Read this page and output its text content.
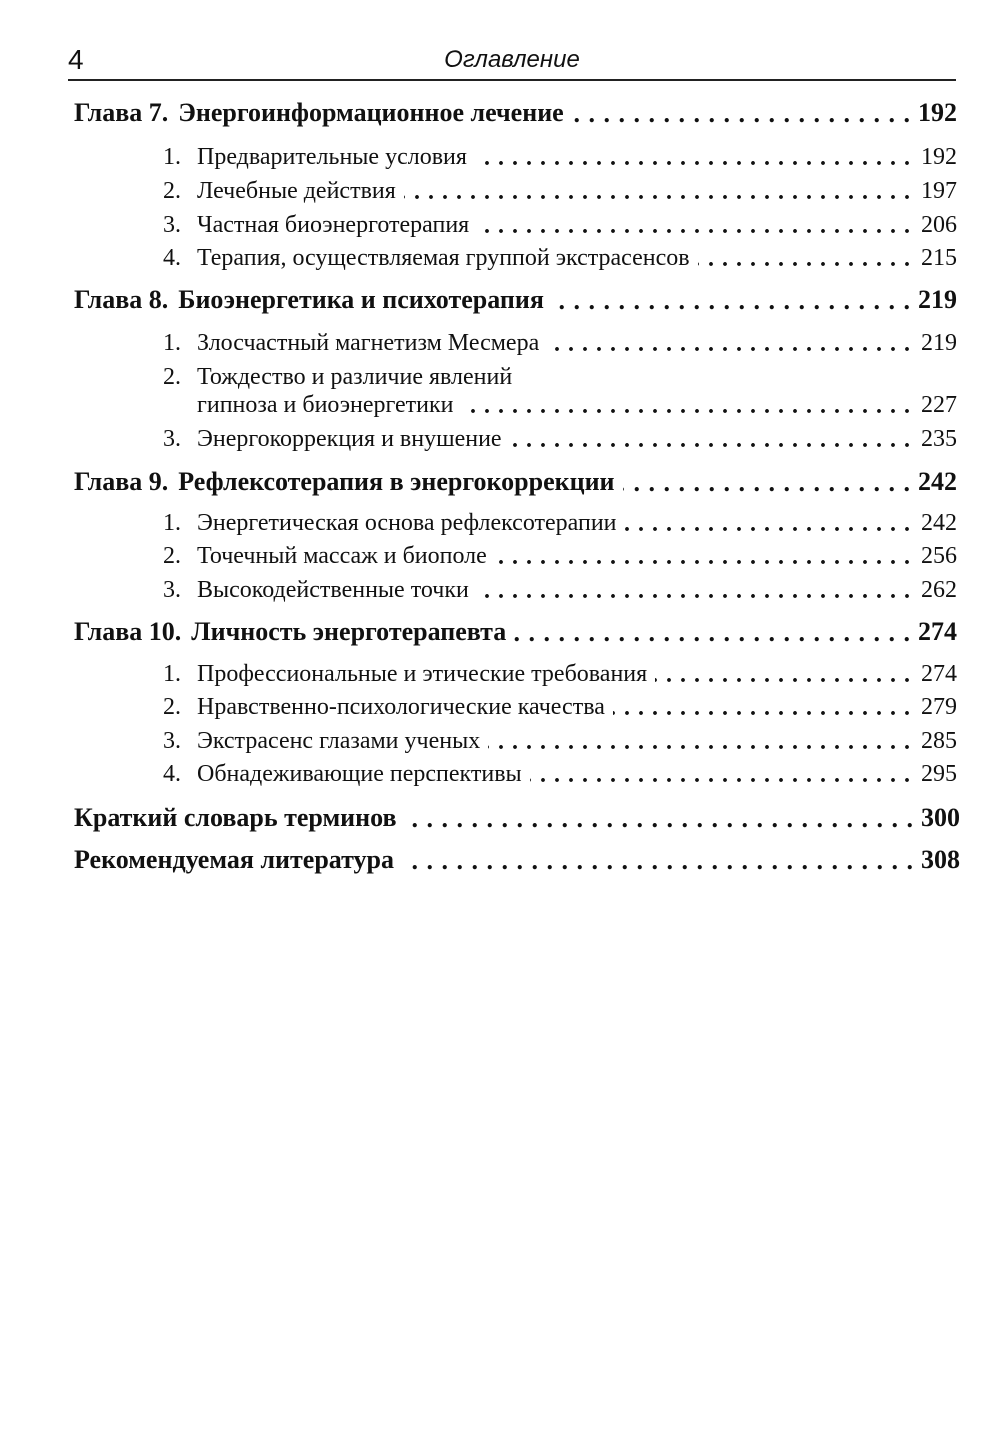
4	Оглавление
Глава 7. Энергоинформационное лечение . . .	192
1. Предварительные условия . . .	192
2. Лечебные действия . . .	197
3. Частная биоэнерготерапия . . .	206
4. Терапия, осуществляемая группой экстрасенсов . . .	215
Глава 8. Биоэнергетика и психотерапия . . .	219
1. Злосчастный магнетизм Месмера . . .	219
2. Тождество и различие явлений
гипноза и биоэнергетики . . .	227
3. Энергокоррекция и внушение . . .	235
Глава 9. Рефлексотерапия в энергокоррекции . . .	242
1. Энергетическая основа рефлексотерапии . . .	242
2. Точечный массаж и биополе . . .	256
3. Высокодейственные точки . . .	262
Глава 10. Личность энерготерапевта . . .	274
1. Профессиональные и этические требования . . .	274
2. Нравственно-психологические качества . . .	279
3. Экстрасенс глазами ученых . . .	285
4. Обнадеживающие перспективы . . .	295
Краткий словарь терминов . . .	300
Рекомендуемая литература . . .	308
